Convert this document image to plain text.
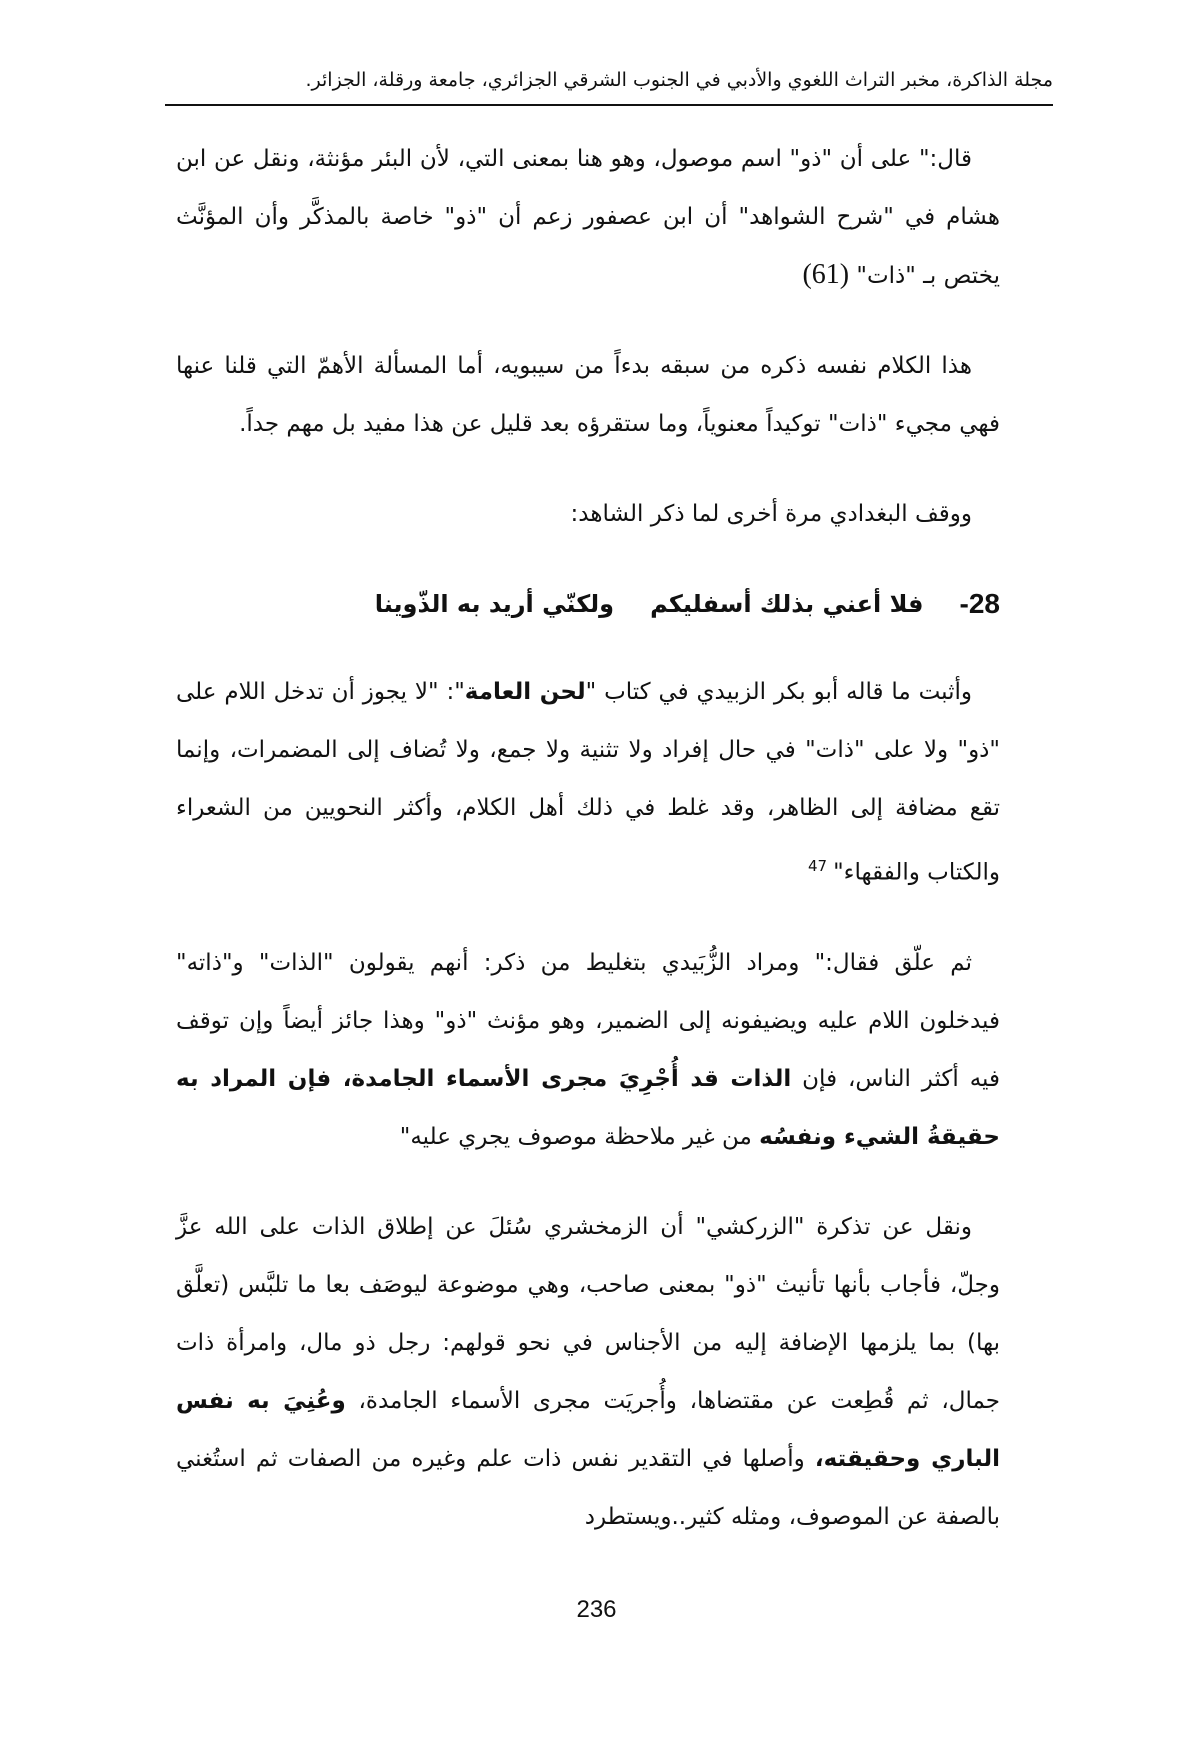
مجلة الذاكرة، مخبر التراث اللغوي والأدبي في الجنوب الشرقي الجزائري، جامعة ورقلة، الجزائر.

قال:" على أن "ذو" اسم موصول، وهو هنا بمعنى التي، لأن البئر مؤنثة، ونقل عن ابن هشام في "شرح الشواهد" أن ابن عصفور زعم أن "ذو" خاصة بالمذكَّر وأن المؤنَّث يختص بـ "ذات" (61)

هذا الكلام نفسه ذكره من سبقه بدءاً من سيبويه، أما المسألة الأهمّ التي قلنا عنها فهي مجيء "ذات" توكيداً معنوياً، وما ستقرؤه بعد قليل عن هذا مفيد بل مهم جداً.

ووقف البغدادي مرة أخرى لما ذكر الشاهد:

28-
فلا أعني بذلك أسفليكم
ولكنّي أريد به الذّوينا

وأثبت ما قاله أبو بكر الزبيدي في كتاب "لحن العامة": "لا يجوز أن تدخل اللام على "ذو" ولا على "ذات" في حال إفراد ولا تثنية ولا جمع، ولا تُضاف إلى المضمرات، وإنما تقع مضافة إلى الظاهر، وقد غلط في ذلك أهل الكلام، وأكثر النحويين من الشعراء والكتاب والفقهاء"$^{47}$

ثم علّق فقال:" ومراد الزُّبَيدي بتغليط من ذكر: أنهم يقولون "الذات" و"ذاته" فيدخلون اللام عليه ويضيفونه إلى الضمير، وهو مؤنث "ذو" وهذا جائز أيضاً وإن توقف فيه أكثر الناس، فإن الذات قد أُجْرِيَ مجرى الأسماء الجامدة، فإن المراد به حقيقةُ الشيء ونفسُه من غير ملاحظة موصوف يجري عليه"

ونقل عن تذكرة "الزركشي" أن الزمخشري سُئلَ عن إطلاق الذات على الله عزَّ وجلّ، فأجاب بأنها تأنيث "ذو" بمعنى صاحب، وهي موضوعة ليوصَف بعا ما تلبَّس (تعلَّق بها) بما يلزمها الإضافة إليه من الأجناس في نحو قولهم: رجل ذو مال، وامرأة ذات جمال، ثم قُطِعت عن مقتضاها، وأُجريَت مجرى الأسماء الجامدة، وعُنِيَ به نفس الباري وحقيقته، وأصلها في التقدير نفس ذات علم وغيره من الصفات ثم استُغني بالصفة عن الموصوف، ومثله كثير..ويستطرد

236
